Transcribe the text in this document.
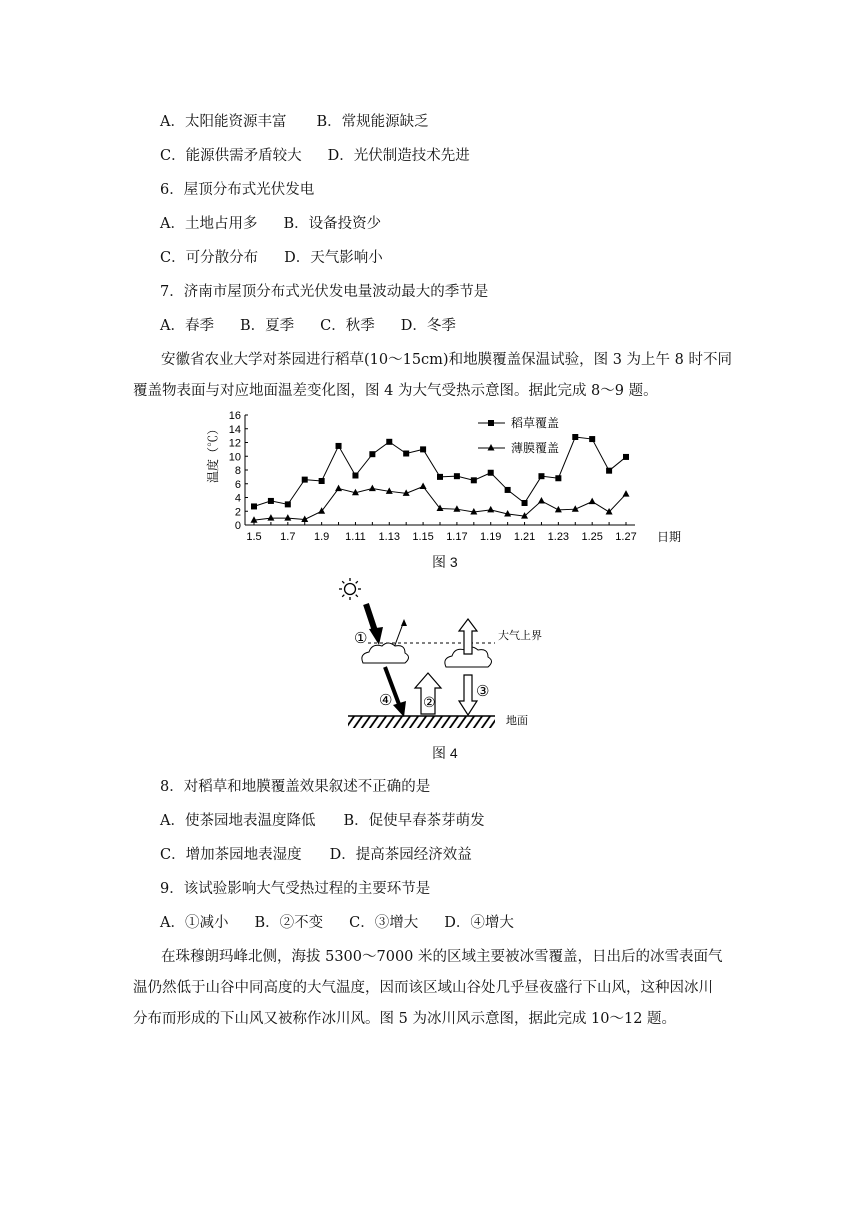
A．太阳能资源丰富 B．常规能源缺乏
C．能源供需矛盾较大 D．光伏制造技术先进
6．屋顶分布式光伏发电
A．土地占用多 B．设备投资少
C．可分散分布 D．天气影响小
7．济南市屋顶分布式光伏发电量波动最大的季节是
A．春季 B．夏季 C．秋季 D．冬季
安徽省农业大学对茶园进行稻草(10～15cm)和地膜覆盖保温试验，图 3 为上午 8 时不同
覆盖物表面与对应地面温差变化图，图 4 为大气受热示意图。据此完成 8～9 题。
0
2
4
6
8
10
12
14
16
1.5 1.7 1.9 1.11 1.13 1.15 1.17 1.19 1.21 1.23 1.25 1.27
温度（℃）
日期
稻草覆盖
薄膜覆盖
图 3
大气上界
①
④ ②
③
地面
图 4
8．对稻草和地膜覆盖效果叙述不正确的是
A．使茶园地表温度降低 B．促使早春茶芽萌发
C．增加茶园地表湿度 D．提高茶园经济效益
9．该试验影响大气受热过程的主要环节是
A．①减小 B．②不变 C．③增大 D．④增大
在珠穆朗玛峰北侧，海拔 5300～7000 米的区域主要被冰雪覆盖，日出后的冰雪表面气
温仍然低于山谷中同高度的大气温度，因而该区域山谷处几乎昼夜盛行下山风，这种因冰川
分布而形成的下山风又被称作冰川风。图 5 为冰川风示意图，据此完成 10～12 题。
